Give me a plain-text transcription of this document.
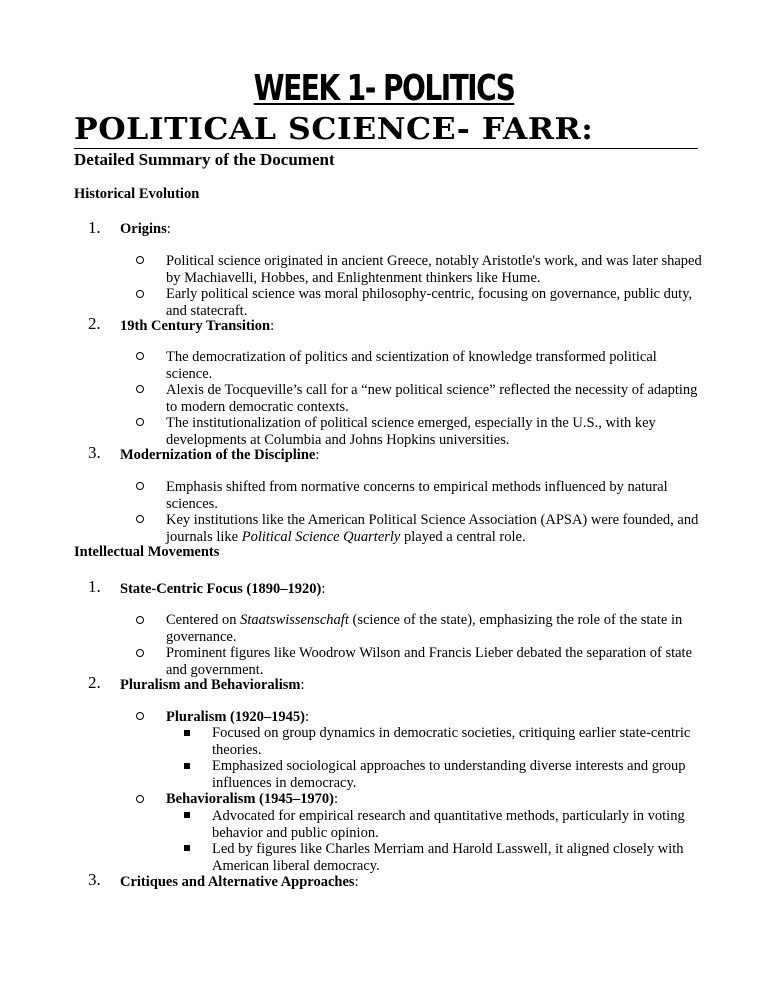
WEEK 1- POLITICS
POLITICAL SCIENCE- FARR:
Detailed Summary of the Document
Historical Evolution
1. Origins:
Political science originated in ancient Greece, notably Aristotle's work, and was later shaped by Machiavelli, Hobbes, and Enlightenment thinkers like Hume.
Early political science was moral philosophy-centric, focusing on governance, public duty, and statecraft.
2. 19th Century Transition:
The democratization of politics and scientization of knowledge transformed political science.
Alexis de Tocqueville’s call for a “new political science” reflected the necessity of adapting to modern democratic contexts.
The institutionalization of political science emerged, especially in the U.S., with key developments at Columbia and Johns Hopkins universities.
3. Modernization of the Discipline:
Emphasis shifted from normative concerns to empirical methods influenced by natural sciences.
Key institutions like the American Political Science Association (APSA) were founded, and journals like Political Science Quarterly played a central role.
Intellectual Movements
1. State-Centric Focus (1890–1920):
Centered on Staatswissenschaft (science of the state), emphasizing the role of the state in governance.
Prominent figures like Woodrow Wilson and Francis Lieber debated the separation of state and government.
2. Pluralism and Behavioralism:
Pluralism (1920–1945):
Focused on group dynamics in democratic societies, critiquing earlier state-centric theories.
Emphasized sociological approaches to understanding diverse interests and group influences in democracy.
Behavioralism (1945–1970):
Advocated for empirical research and quantitative methods, particularly in voting behavior and public opinion.
Led by figures like Charles Merriam and Harold Lasswell, it aligned closely with American liberal democracy.
3. Critiques and Alternative Approaches:
